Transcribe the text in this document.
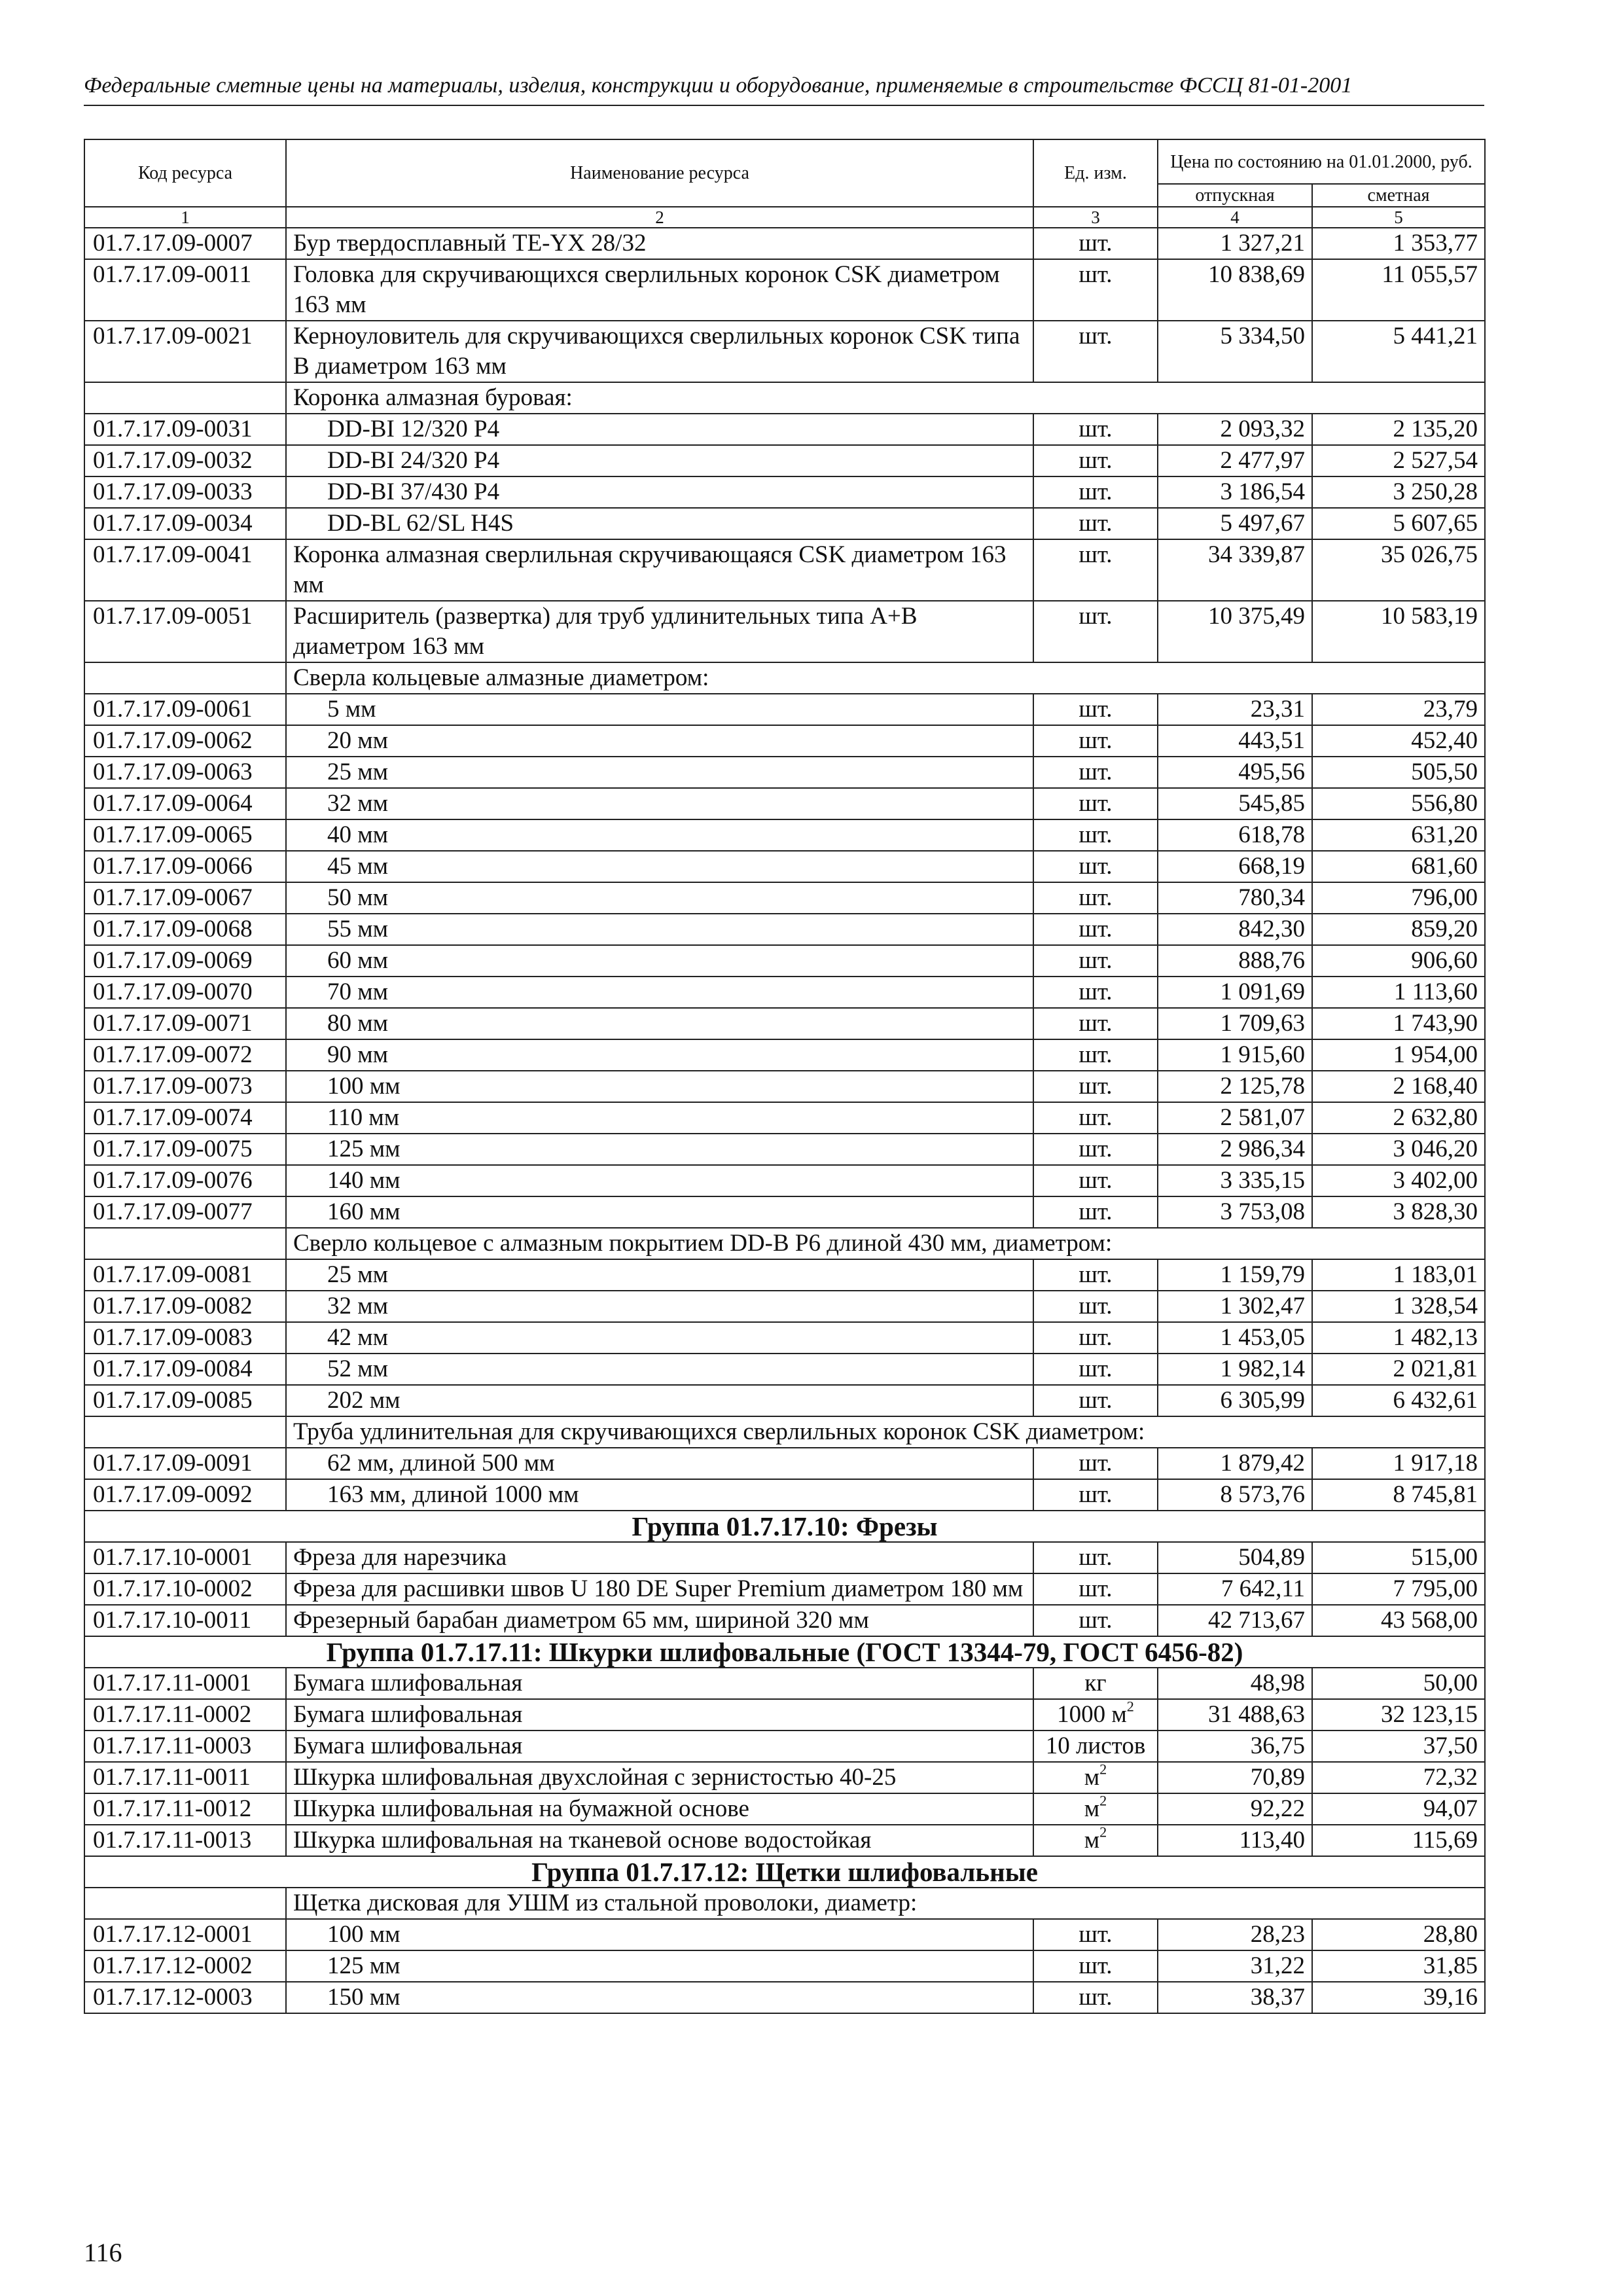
Федеральные сметные цены на материалы, изделия, конструкции и оборудование, применяемые в строительстве ФССЦ 81-01-2001
Код ресурса	Наименование ресурса	Ед. изм.	Цена по состоянию на 01.01.2000, руб.	
			отпускная	сметная
1	2	3	4	5
01.7.17.09-0007	Бур твердосплавный TE-YX 28/32	шт.	1 327,21	1 353,77
01.7.17.09-0011	Головка для скручивающихся сверлильных коронок CSK диаметром 163 мм	шт.	10 838,69	11 055,57
01.7.17.09-0021	Керноуловитель для скручивающихся сверлильных коронок CSK типа B диаметром 163 мм	шт.	5 334,50	5 441,21
	Коронка алмазная буровая:			
01.7.17.09-0031	DD-BI 12/320 P4	шт.	2 093,32	2 135,20
01.7.17.09-0032	DD-BI 24/320 P4	шт.	2 477,97	2 527,54
01.7.17.09-0033	DD-BI 37/430 P4	шт.	3 186,54	3 250,28
01.7.17.09-0034	DD-BL 62/SL H4S	шт.	5 497,67	5 607,65
01.7.17.09-0041	Коронка алмазная сверлильная скручивающаяся CSK диаметром 163 мм	шт.	34 339,87	35 026,75
01.7.17.09-0051	Расширитель (развертка) для труб удлинительных типа A+B диаметром 163 мм	шт.	10 375,49	10 583,19
	Сверла кольцевые алмазные диаметром:			
01.7.17.09-0061	5 мм	шт.	23,31	23,79
01.7.17.09-0062	20 мм	шт.	443,51	452,40
01.7.17.09-0063	25 мм	шт.	495,56	505,50
01.7.17.09-0064	32 мм	шт.	545,85	556,80
01.7.17.09-0065	40 мм	шт.	618,78	631,20
01.7.17.09-0066	45 мм	шт.	668,19	681,60
01.7.17.09-0067	50 мм	шт.	780,34	796,00
01.7.17.09-0068	55 мм	шт.	842,30	859,20
01.7.17.09-0069	60 мм	шт.	888,76	906,60
01.7.17.09-0070	70 мм	шт.	1 091,69	1 113,60
01.7.17.09-0071	80 мм	шт.	1 709,63	1 743,90
01.7.17.09-0072	90 мм	шт.	1 915,60	1 954,00
01.7.17.09-0073	100 мм	шт.	2 125,78	2 168,40
01.7.17.09-0074	110 мм	шт.	2 581,07	2 632,80
01.7.17.09-0075	125 мм	шт.	2 986,34	3 046,20
01.7.17.09-0076	140 мм	шт.	3 335,15	3 402,00
01.7.17.09-0077	160 мм	шт.	3 753,08	3 828,30
	Сверло кольцевое с алмазным покрытием DD-B P6 длиной 430 мм, диаметром:			
01.7.17.09-0081	25 мм	шт.	1 159,79	1 183,01
01.7.17.09-0082	32 мм	шт.	1 302,47	1 328,54
01.7.17.09-0083	42 мм	шт.	1 453,05	1 482,13
01.7.17.09-0084	52 мм	шт.	1 982,14	2 021,81
01.7.17.09-0085	202 мм	шт.	6 305,99	6 432,61
	Труба удлинительная для скручивающихся сверлильных коронок CSK диаметром:			
01.7.17.09-0091	62 мм, длиной 500 мм	шт.	1 879,42	1 917,18
01.7.17.09-0092	163 мм, длиной 1000 мм	шт.	8 573,76	8 745,81
Группа 01.7.17.10: Фрезы				
01.7.17.10-0001	Фреза для нарезчика	шт.	504,89	515,00
01.7.17.10-0002	Фреза для расшивки швов U 180 DE Super Premium диаметром 180 мм	шт.	7 642,11	7 795,00
01.7.17.10-0011	Фрезерный барабан диаметром 65 мм, шириной 320 мм	шт.	42 713,67	43 568,00
Группа 01.7.17.11: Шкурки шлифовальные (ГОСТ 13344-79, ГОСТ 6456-82)				
01.7.17.11-0001	Бумага шлифовальная	кг	48,98	50,00
01.7.17.11-0002	Бумага шлифовальная	1000 $м^2$	31 488,63	32 123,15
01.7.17.11-0003	Бумага шлифовальная	10 листов	36,75	37,50
01.7.17.11-0011	Шкурка шлифовальная двухслойная с зернистостью 40-25	$м^2$	70,89	72,32
01.7.17.11-0012	Шкурка шлифовальная на бумажной основе	$м^2$	92,22	94,07
01.7.17.11-0013	Шкурка шлифовальная на тканевой основе водостойкая	$м^2$	113,40	115,69
Группа 01.7.17.12: Щетки шлифовальные				
	Щетка дисковая для УШМ из стальной проволоки, диаметр:			
01.7.17.12-0001	100 мм	шт.	28,23	28,80
01.7.17.12-0002	125 мм	шт.	31,22	31,85
01.7.17.12-0003	150 мм	шт.	38,37	39,16
116
